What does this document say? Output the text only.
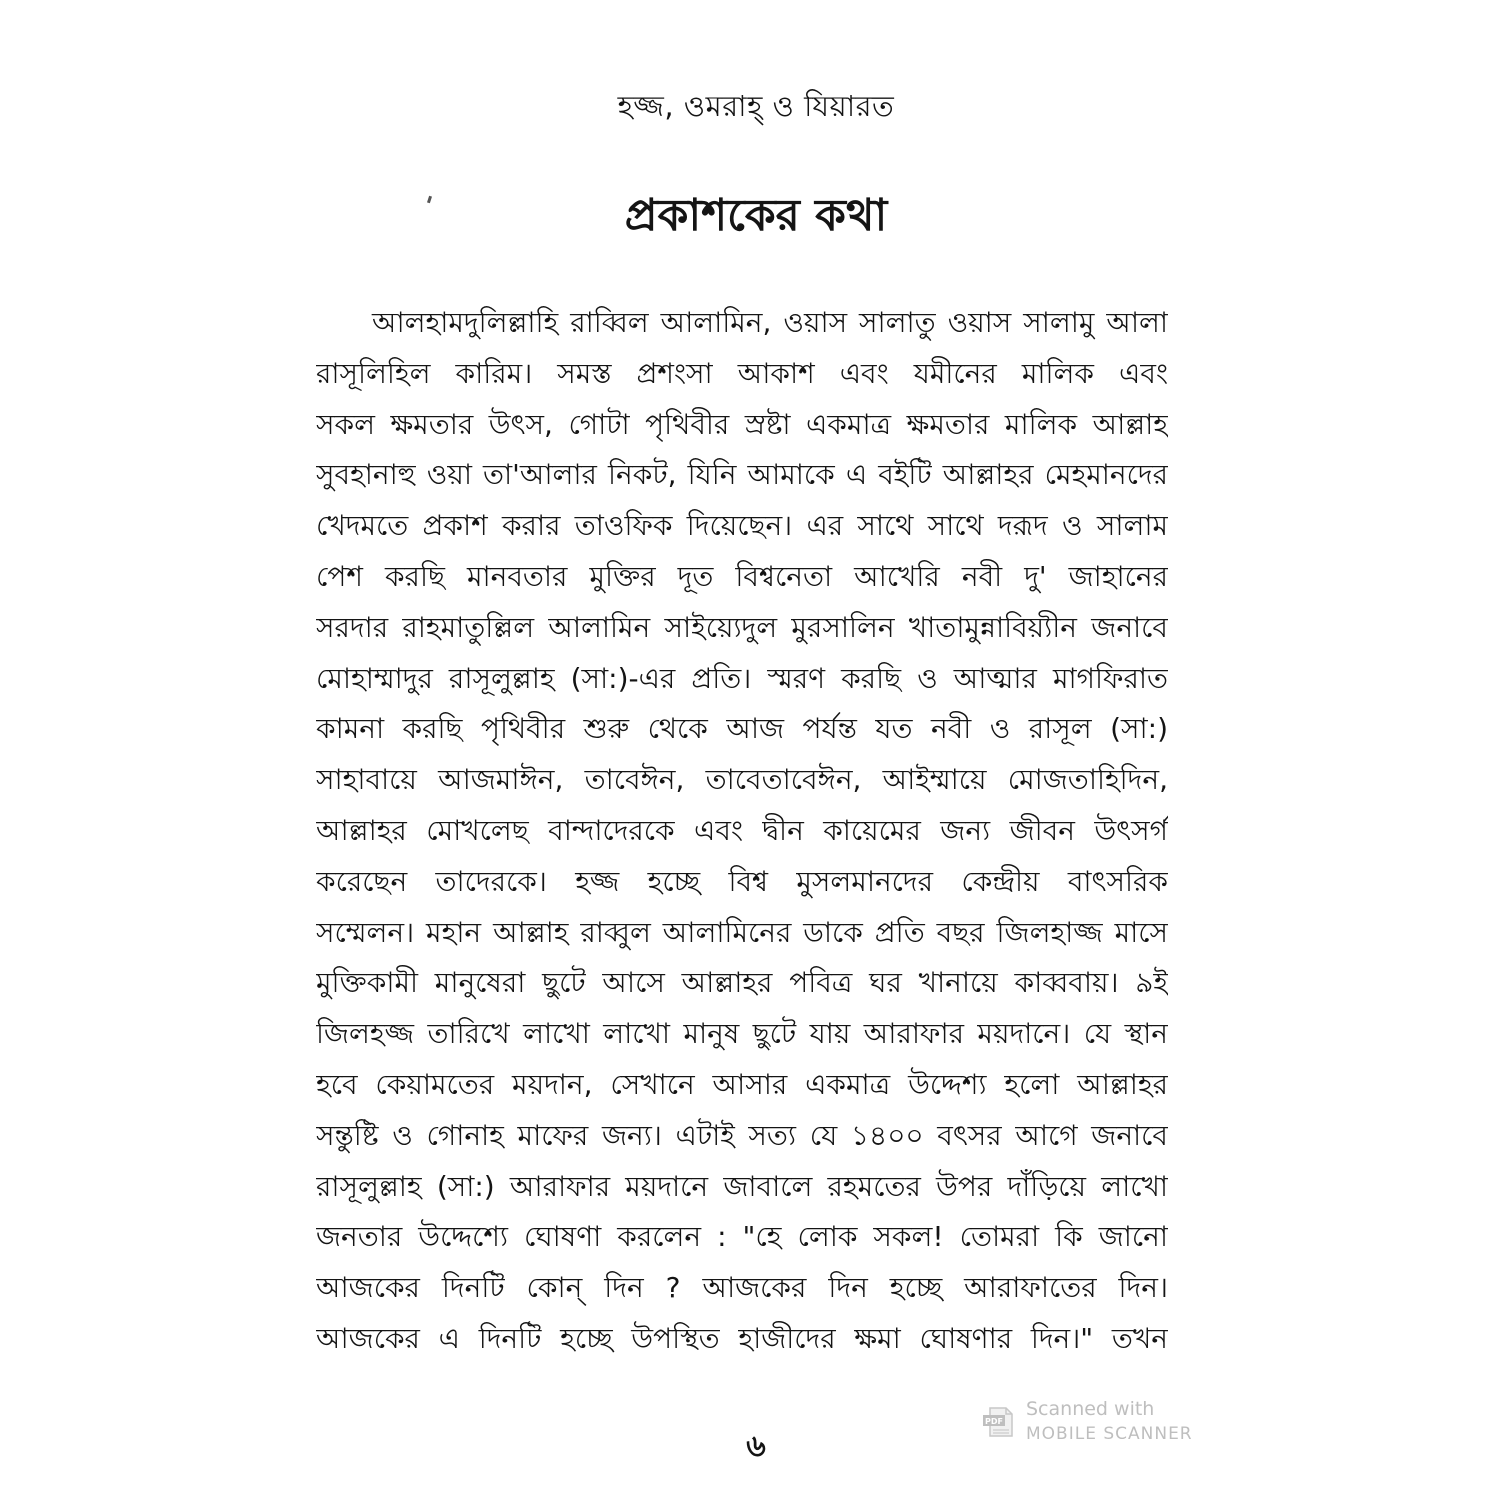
হজ্জ, ওমরাহ্ ও যিয়ারত
প্রকাশকের কথা
আলহামদুলিল্লাহি রাব্বিল আলামিন, ওয়াস সালাতু ওয়াস সালামু আলা
রাসূলিহিল কারিম। সমস্ত প্রশংসা আকাশ এবং যমীনের মালিক এবং
সকল ক্ষমতার উৎস, গোটা পৃথিবীর স্রষ্টা একমাত্র ক্ষমতার মালিক আল্লাহ
সুবহানাহু ওয়া তা'আলার নিকট, যিনি আমাকে এ বইটি আল্লাহর মেহমানদের
খেদমতে প্রকাশ করার তাওফিক দিয়েছেন। এর সাথে সাথে দরূদ ও সালাম
পেশ করছি মানবতার মুক্তির দূত বিশ্বনেতা আখেরি নবী দু' জাহানের
সরদার রাহমাতুল্লিল আলামিন সাইয়্যেদুল মুরসালিন খাতামুন্নাবিয়্যীন জনাবে
মোহাম্মাদুর রাসূলুল্লাহ (সা:)-এর প্রতি। স্মরণ করছি ও আত্মার মাগফিরাত
কামনা করছি পৃথিবীর শুরু থেকে আজ পর্যন্ত যত নবী ও রাসূল (সা:)
সাহাবায়ে আজমাঈন, তাবেঈন, তাবেতাবেঈন, আইম্মায়ে মোজতাহিদিন,
আল্লাহর মোখলেছ বান্দাদেরকে এবং দ্বীন কায়েমের জন্য জীবন উৎসর্গ
করেছেন তাদেরকে। হজ্জ হচ্ছে বিশ্ব মুসলমানদের কেন্দ্রীয় বাৎসরিক
সম্মেলন। মহান আল্লাহ রাব্বুল আলামিনের ডাকে প্রতি বছর জিলহাজ্জ মাসে
মুক্তিকামী মানুষেরা ছুটে আসে আল্লাহর পবিত্র ঘর খানায়ে কাব্ববায়। ৯ই
জিলহজ্জ তারিখে লাখো লাখো মানুষ ছুটে যায় আরাফার ময়দানে। যে স্থান
হবে কেয়ামতের ময়দান, সেখানে আসার একমাত্র উদ্দেশ্য হলো আল্লাহর
সন্তুষ্টি ও গোনাহ মাফের জন্য। এটাই সত্য যে ১৪০০ বৎসর আগে জনাবে
রাসূলুল্লাহ (সা:) আরাফার ময়দানে জাবালে রহমতের উপর দাঁড়িয়ে লাখো
জনতার উদ্দেশ্যে ঘোষণা করলেন : "হে লোক সকল! তোমরা কি জানো
আজকের দিনটি কোন্ দিন ? আজকের দিন হচ্ছে আরাফাতের দিন।
আজকের এ দিনটি হচ্ছে উপস্থিত হাজীদের ক্ষমা ঘোষণার দিন।" তখন
PDF
Scanned with
MOBILE SCANNER
৬
